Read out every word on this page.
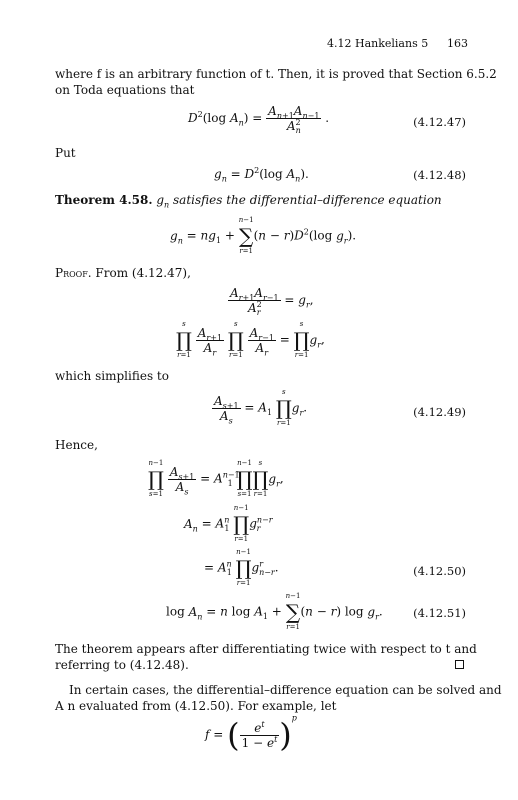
4.12 Hankelians 5 163
where f is an arbitrary function of t. Then, it is proved that Section 6.5.2
on Toda equations that
$D^2(\log$ $A_n) = \frac{A_{n+1}A_{n-1}}{A^2_n}$ .	(4.12.47)
Put
$g_n = D^2(\log$ $A_n$).	(4.12.48)
Theorem 4.58. $g_n$ satisfies the differential–difference equation
$g_n = ng_1$ +
n−1
∑
r=1
$(n - r)D^2(\log$ $g_r$).
Proof. From (4.12.47),
$\frac{A_{r+1}A_{r-1}}{A^2_r} = g_r$,
s
∏
r=1

$\frac{A_{r+1}}{A_r}$

s
∏
r=1

$\frac{A_{r-1}}{A_r}$ =
s
∏
r=1
$g_r$,
which simplifies to
$\frac{A_{s+1}}{A_s} = A_1$
s
∏
r=1
$g_r$.	(4.12.49)
Hence,
n−1
∏
s=1

$\frac{A_{s+1}}{A_s} = A^{n-1}_1$
n−1
∏
s=1
s
∏
r=1
$g_r$,
$A_n = A^n_1$
n−1
∏
r=1
$g^{n-r}_r$
= $A^n_1$
n−1
∏
r=1
$g^r_{n-r}$.	(4.12.50)
$\log A_n = n$ $\log A_1$ +
n−1
∑
r=1
(n − r) $\log g_r$.	(4.12.51)
The theorem appears after differentiating twice with respect to t and
referring to (4.12.48).
In certain cases, the differential–difference equation can be solved and
A n evaluated from (4.12.50). For example, let
f = ( $\frac{e^t}{1 - e^t} )^p$
